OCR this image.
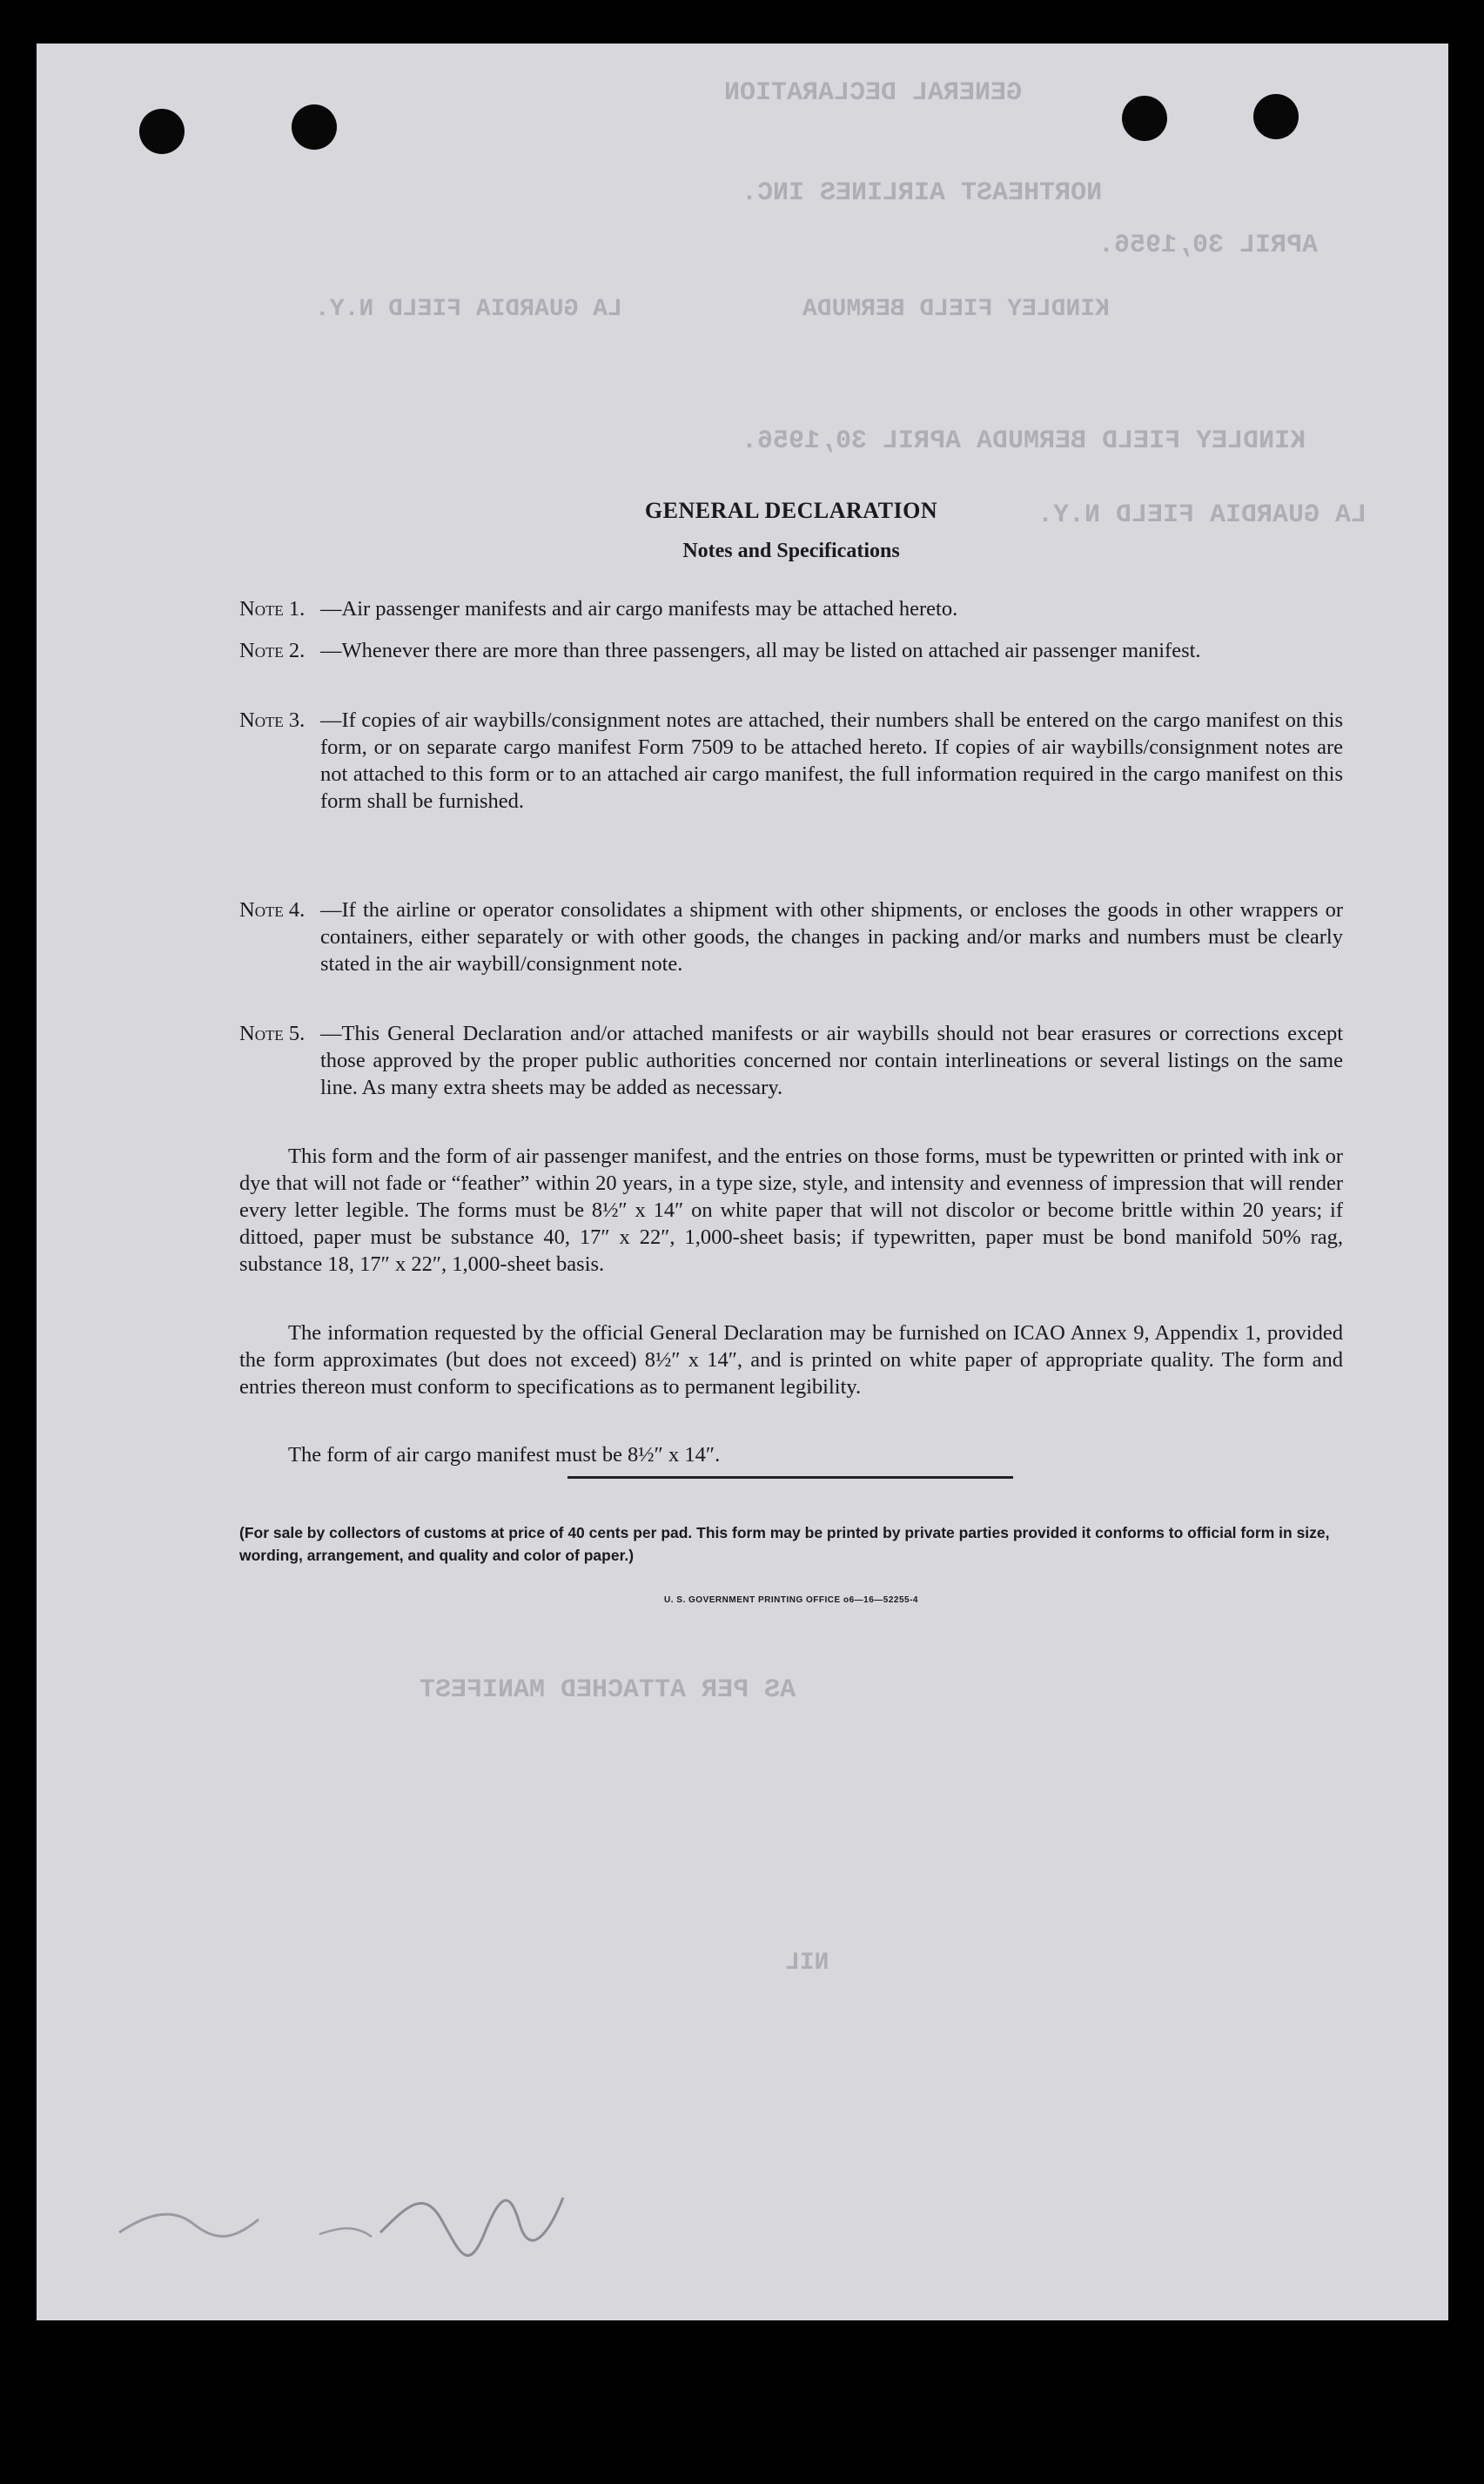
GENERAL DECLARATION
NORTHEAST AIRLINES INC.
APRIL 30,1956.
KINDLEY FIELD BERMUDA
LA GUARDIA FIELD N.Y.
KINDLEY FIELD BERMUDA APRIL 30,1956.
LA GUARDIA FIELD N.Y.
AS PER ATTACHED MANIFEST
NIL
GENERAL DECLARATION
Notes and Specifications
Note 1. —Air passenger manifests and air cargo manifests may be attached hereto.
Note 2. —Whenever there are more than three passengers, all may be listed on attached air passenger manifest.
Note 3. —If copies of air waybills/consignment notes are attached, their numbers shall be entered on the cargo manifest on this form, or on separate cargo manifest Form 7509 to be attached hereto. If copies of air waybills/consignment notes are not attached to this form or to an attached air cargo manifest, the full information required in the cargo manifest on this form shall be furnished.
Note 4. —If the airline or operator consolidates a shipment with other shipments, or encloses the goods in other wrappers or containers, either separately or with other goods, the changes in packing and/or marks and numbers must be clearly stated in the air waybill/consignment note.
Note 5. —This General Declaration and/or attached manifests or air waybills should not bear erasures or corrections except those approved by the proper public authorities concerned nor contain interlineations or several listings on the same line. As many extra sheets may be added as necessary.
This form and the form of air passenger manifest, and the entries on those forms, must be typewritten or printed with ink or dye that will not fade or “feather” within 20 years, in a type size, style, and intensity and evenness of impression that will render every letter legible. The forms must be 8½″ x 14″ on white paper that will not discolor or become brittle within 20 years; if dittoed, paper must be substance 40, 17″ x 22″, 1,000-sheet basis; if typewritten, paper must be bond manifold 50% rag, substance 18, 17″ x 22″, 1,000-sheet basis.
The information requested by the official General Declaration may be furnished on ICAO Annex 9, Appendix 1, provided the form approximates (but does not exceed) 8½″ x 14″, and is printed on white paper of appropriate quality. The form and entries thereon must conform to specifications as to permanent legibility.
The form of air cargo manifest must be 8½″ x 14″.
(For sale by collectors of customs at price of 40 cents per pad. This form may be printed by private parties provided it conforms to official form in size, wording, arrangement, and quality and color of paper.)
U. S. GOVERNMENT PRINTING OFFICE o6—16—52255-4
